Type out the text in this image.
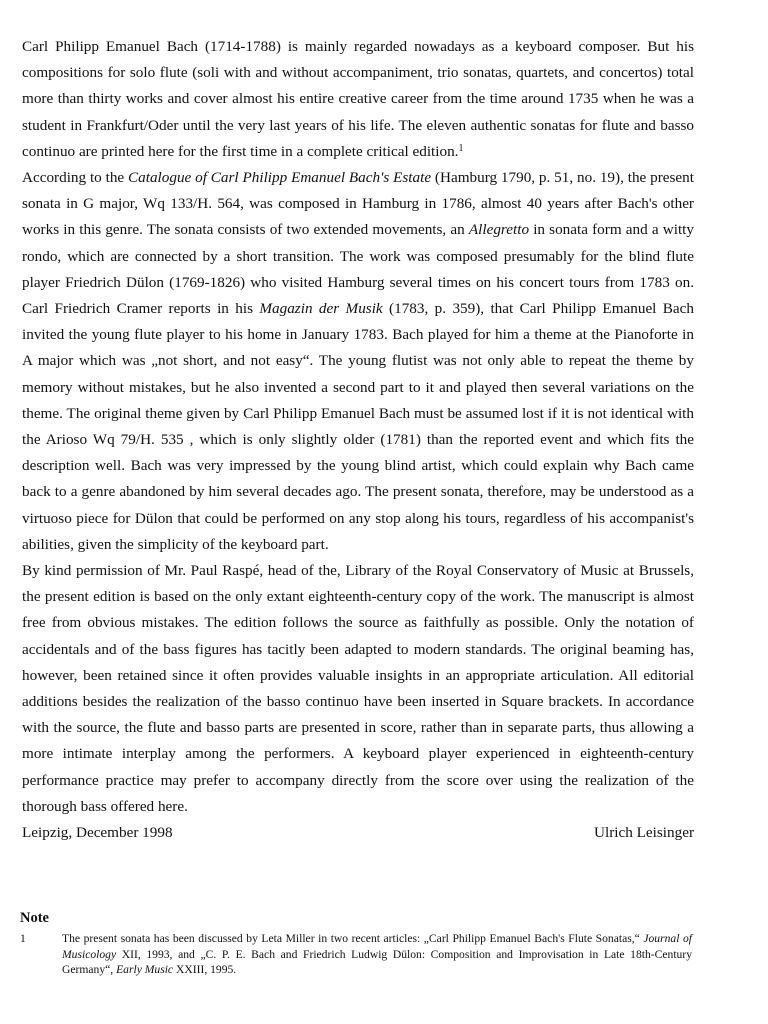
Carl Philipp Emanuel Bach (1714-1788) is mainly regarded nowadays as a keyboard composer. But his compositions for solo flute (soli with and without accompaniment, trio sonatas, quartets, and concertos) total more than thirty works and cover almost his entire creative career from the time around 1735 when he was a student in Frankfurt/Oder until the very last years of his life. The eleven authentic sonatas for flute and basso continuo are printed here for the first time in a complete critical edition.$^1$

According to the Catalogue of Carl Philipp Emanuel Bach's Estate (Hamburg 1790, p. 51, no. 19), the present sonata in G major, Wq 133/H. 564, was composed in Hamburg in 1786, almost 40 years after Bach's other works in this genre. The sonata consists of two extended movements, an Allegretto in sonata form and a witty rondo, which are connected by a short transition. The work was composed presumably for the blind flute player Friedrich Dülon (1769-1826) who visited Hamburg several times on his concert tours from 1783 on. Carl Friedrich Cramer reports in his Magazin der Musik (1783, p. 359), that Carl Philipp Emanuel Bach invited the young flute player to his home in January 1783. Bach played for him a theme at the Pianoforte in A major which was „not short, and not easy“. The young flutist was not only able to repeat the theme by memory without mistakes, but he also invented a second part to it and played then several variations on the theme. The original theme given by Carl Philipp Emanuel Bach must be assumed lost if it is not identical with the Arioso Wq 79/H. 535 , which is only slightly older (1781) than the reported event and which fits the description well. Bach was very impressed by the young blind artist, which could explain why Bach came back to a genre abandoned by him several decades ago. The present sonata, therefore, may be understood as a virtuoso piece for Dülon that could be performed on any stop along his tours, regardless of his accompanist's abilities, given the simplicity of the keyboard part.

By kind permission of Mr. Paul Raspé, head of the, Library of the Royal Conservatory of Music at Brussels, the present edition is based on the only extant eighteenth-century copy of the work. The manuscript is almost free from obvious mistakes. The edition follows the source as faithfully as possible. Only the notation of accidentals and of the bass figures has tacitly been adapted to modern standards. The original beaming has, however, been retained since it often provides valuable insights in an appropriate articulation. All editorial additions besides the realization of the basso continuo have been inserted in Square brackets. In accordance with the source, the flute and basso parts are presented in score, rather than in separate parts, thus allowing a more intimate interplay among the performers. A keyboard player experienced in eighteenth-century performance practice may prefer to accompany directly from the score over using the realization of the thorough bass offered here.

Leipzig, December 1998	Ulrich Leisinger
Note
1	The present sonata has been discussed by Leta Miller in two recent articles: „Carl Philipp Emanuel Bach's Flute Sonatas,“ Journal of Musicology XII, 1993, and „C. P. E. Bach and Friedrich Ludwig Dülon: Composition and Improvisation in Late 18th-Century Germany“, Early Music XXIII, 1995.
